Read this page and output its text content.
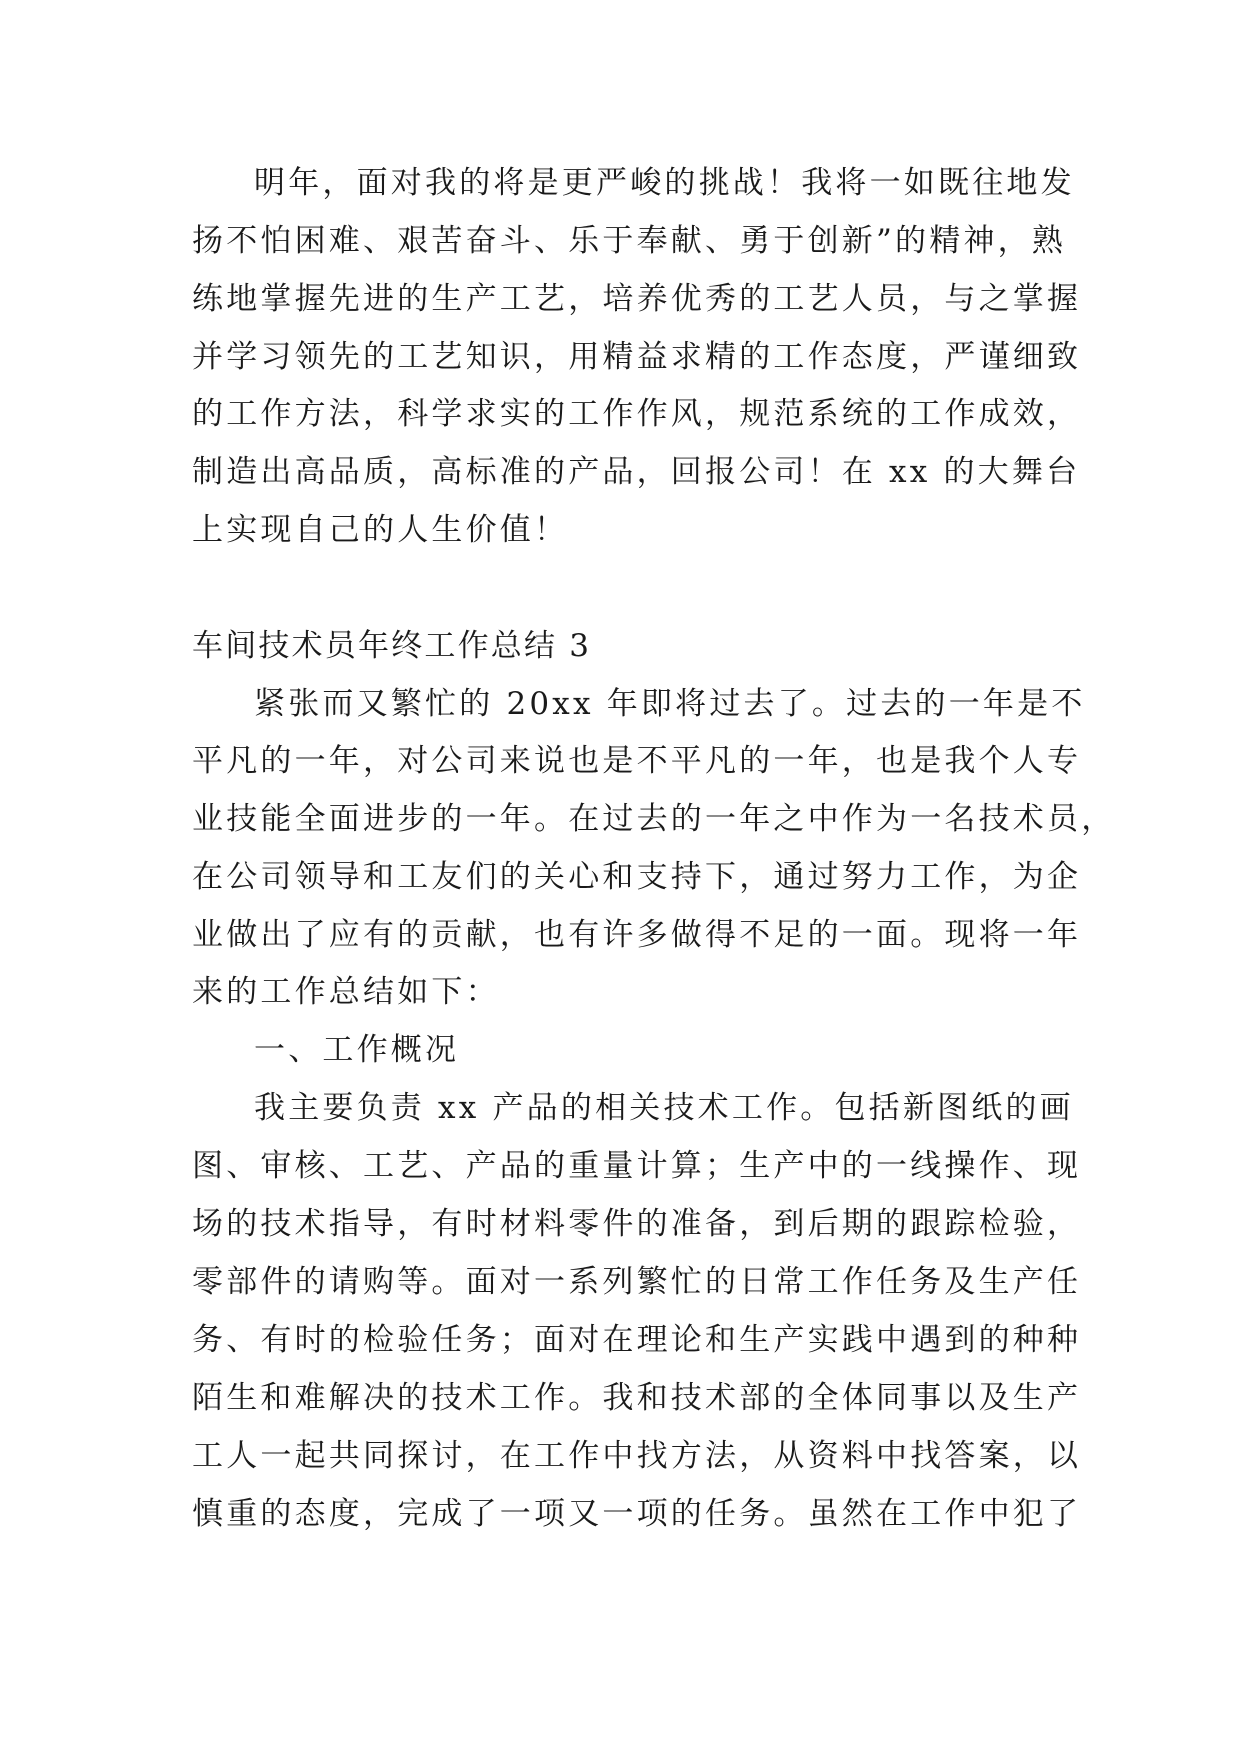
明年，面对我的将是更严峻的挑战！我将一如既往地发
扬不怕困难、艰苦奋斗、乐于奉献、勇于创新”的精神，熟
练地掌握先进的生产工艺，培养优秀的工艺人员，与之掌握
并学习领先的工艺知识，用精益求精的工作态度，严谨细致
的工作方法，科学求实的工作作风，规范系统的工作成效，
制造出高品质，高标准的产品，回报公司！在 xx 的大舞台
上实现自己的人生价值！
车间技术员年终工作总结 3
紧张而又繁忙的 20xx 年即将过去了。过去的一年是不
平凡的一年，对公司来说也是不平凡的一年，也是我个人专
业技能全面进步的一年。在过去的一年之中作为一名技术员，
在公司领导和工友们的关心和支持下，通过努力工作，为企
业做出了应有的贡献，也有许多做得不足的一面。现将一年
来的工作总结如下：
一、工作概况
我主要负责 xx 产品的相关技术工作。包括新图纸的画
图、审核、工艺、产品的重量计算；生产中的一线操作、现
场的技术指导，有时材料零件的准备，到后期的跟踪检验，
零部件的请购等。面对一系列繁忙的日常工作任务及生产任
务、有时的检验任务；面对在理论和生产实践中遇到的种种
陌生和难解决的技术工作。我和技术部的全体同事以及生产
工人一起共同探讨，在工作中找方法，从资料中找答案，以
慎重的态度，完成了一项又一项的任务。虽然在工作中犯了
